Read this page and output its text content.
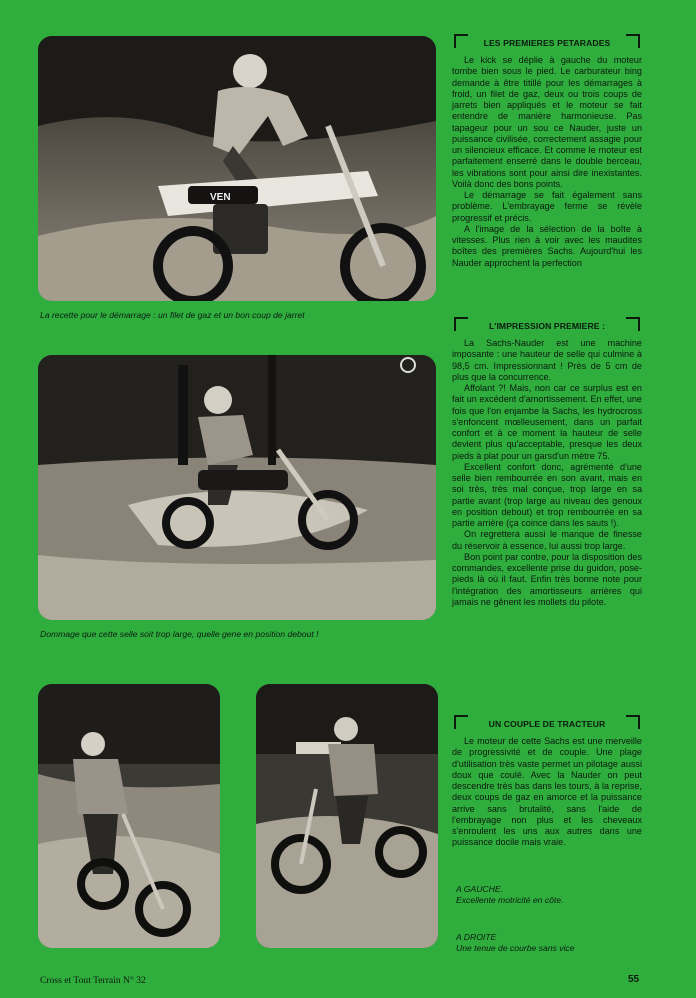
VEN
La recette pour le démarrage : un filet de gaz et un bon coup de jarret
Dommage que cette selle soit trop large, quelle gene en position debout !
LES PREMIERES PETARADES

Le kick se déplie à gauche du moteur tombe bien sous le pied. Le carburateur bing demande à être titillé pour les démarrages à froid, un filet de gaz, deux ou trois coups de jarrets bien appliqués et le moteur se fait entendre de manière harmonieuse. Pas tapageur pour un sou ce Nauder, juste un puissance civilisée, correctement assagie pour un silencieux efficace. Et comme le moteur est parfaitement enserré dans le double berceau, les vibrations sont pour ainsi dire inexistantes. Voilà donc des bons points.

Le démarrage se fait également sans problème. L'embrayage ferme se révèle progressif et précis.

A l'image de la sélection de la boîte à vitesses. Plus rien à voir avec les maudites boîtes des premières Sachs. Aujourd'hui les Nauder approchent la perfection

L'IMPRESSION PREMIERE :

La Sachs-Nauder est une machine imposante : une hauteur de selle qui culmine à 98,5 cm. Impressionnant ! Près de 5 cm de plus que la concurrence.

Affolant ?! Mais, non car ce surplus est en fait un excédent d'amortissement. En effet, une fois que l'on enjambe la Sachs, les hydrocross s'enfoncent mœlleusement, dans un parfait confort et à ce moment la hauteur de selle devient plus qu'acceptable, presque les deux pieds à plat pour un garsd'un mètre 75.

Excellent confort donc, agrémenté d'une selle bien rembourrée en son avant, mais en soi très, très mal conçue, trop large en sa partie avant (trop large au niveau des genoux en position debout) et trop rembourrée en sa partie arrière (ça coince dans les sauts !).

On regrettera aussi le manque de finesse du réservoir à essence, lui aussi trop large.

Bon point par contre, pour la disposition des commandes, excellente prise du guidon, pose-pieds là où il faut. Enfin très bonne note pour l'intégration des amortisseurs arrières qui jamais ne gênent les mollets du pilote.

UN COUPLE DE TRACTEUR

Le moteur de cette Sachs est une merveille de progressivité et de couple. Une plage d'utilisation très vaste permet un pilotage aussi doux que coulé. Avec la Nauder on peut descendre très bas dans les tours, à la reprise, deux coups de gaz en amorce et la puissance arrive sans brutalité, sans l'aide de l'embrayage non plus et les cheveaux s'enroulent les uns aux autres dans une puissance docile mais vraie.

A GAUCHE.
Excellente motricité en côte.
A DROITE
Une tenue de courbe sans vice
Cross et Tout Terrain N° 32	55
